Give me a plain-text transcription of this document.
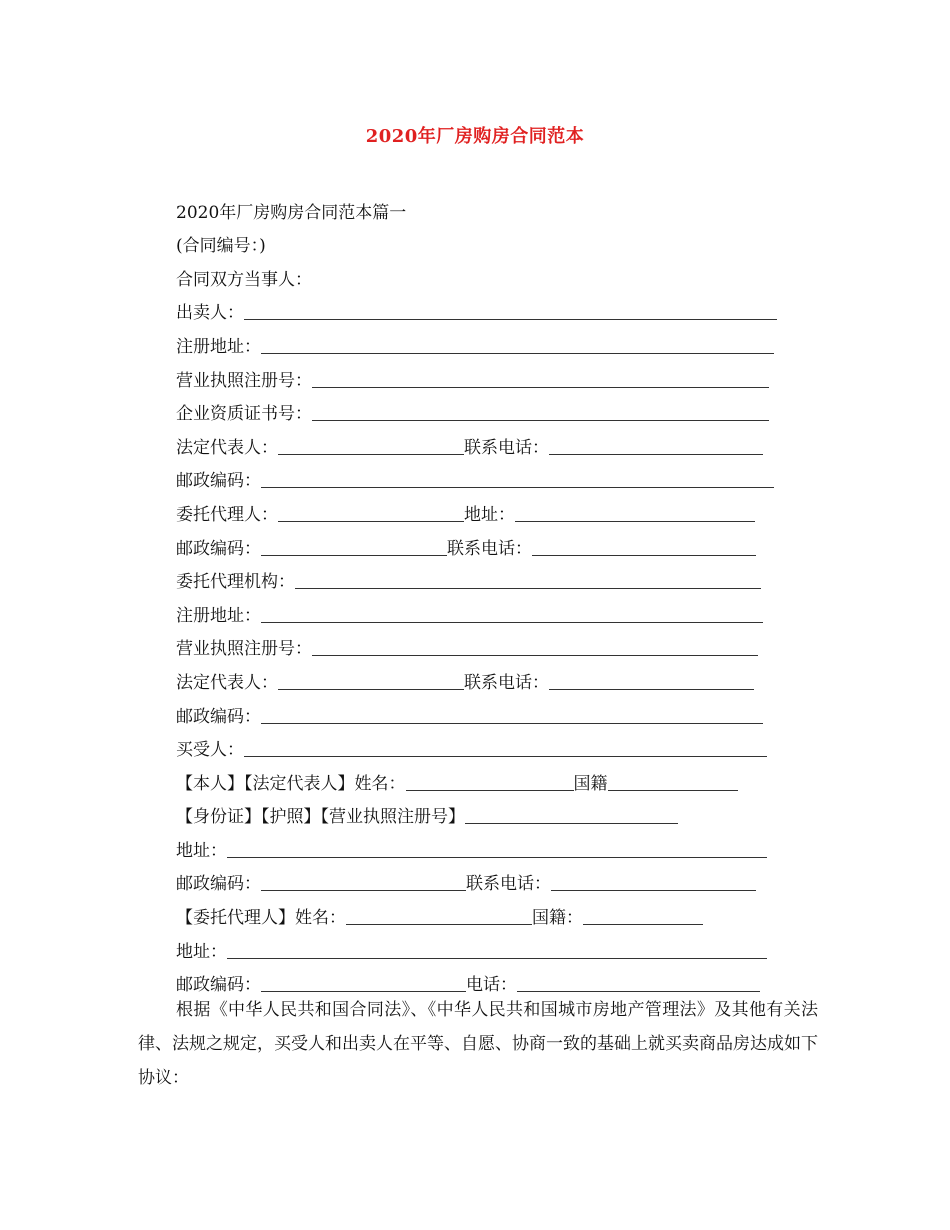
2020年厂房购房合同范本
2020年厂房购房合同范本篇一
(合同编号：)
合同双方当事人：
出卖人：
注册地址：
营业执照注册号：
企业资质证书号：
法定代表人：	联系电话：
邮政编码：
委托代理人：	地址：
邮政编码：	联系电话：
委托代理机构：
注册地址：
营业执照注册号：
法定代表人：	联系电话：
邮政编码：
买受人：
【本人】【法定代表人】姓名：	国籍
【身份证】【护照】【营业执照注册号】
地址：
邮政编码：	联系电话：
【委托代理人】姓名：	国籍：
地址：
邮政编码：	电话：
根据《中华人民共和国合同法》、《中华人民共和国城市房地产管理法》及其他有关法律、法规之规定，买受人和出卖人在平等、自愿、协商一致的基础上就买卖商品房达成如下协议：
